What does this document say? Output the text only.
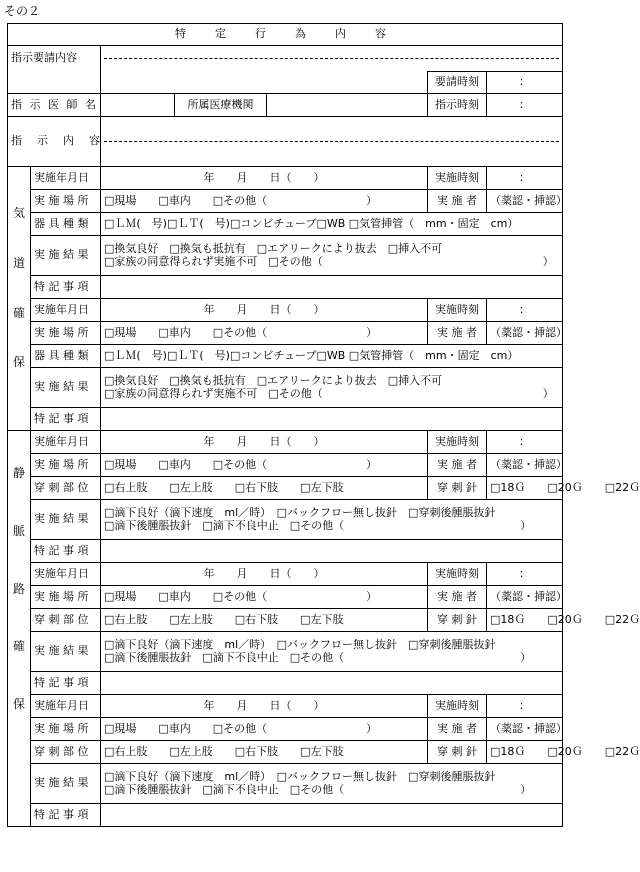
その２
特　定　行　為　内　容						
指示要請内容						
					要請時刻	：
指 示 医 師 名			所属医療機関		指示時刻	：
指　示　内　容						

気
道
確
保	実施年月日	年　　月　　日（　　）			実施時刻	：
	実 施 場 所	□現場　　□車内　　□その他（　　　　　　　　　）			実 施 者	（薬認・挿認）
	器 具 種 類	□ＬＭ(　号)□ＬＴ(　号)□コンビチューブ□WB □気管挿管（　mm・固定　cm）				
	実 施 結 果	□換気良好　□換気も抵抗有　□エアリークにより抜去　□挿入不可
□家族の同意得られず実施不可　□その他（　　　　　　　　　　　　　　　　　　　　）				

	特 記 事 項					
	実施年月日	年　　月　　日（　　）			実施時刻	：
	実 施 場 所	□現場　　□車内　　□その他（　　　　　　　　　）			実 施 者	（薬認・挿認）
	器 具 種 類	□ＬＭ(　号)□ＬＴ(　号)□コンビチューブ□WB □気管挿管（　mm・固定　cm）				
	実 施 結 果	□換気良好　□換気も抵抗有　□エアリークにより抜去　□挿入不可
□家族の同意得られず実施不可　□その他（　　　　　　　　　　　　　　　　　　　　）				

	特 記 事 項					

静
脈
路
確
保	実施年月日	年　　月　　日（　　）			実施時刻	：
	実 施 場 所	□現場　　□車内　　□その他（　　　　　　　　　）			実 施 者	（薬認・挿認）
	穿 刺 部 位	□右上肢　　□左上肢　　□右下肢　　□左下肢			穿 刺 針	□18Ｇ　　□20Ｇ　　□22Ｇ
	実 施 結 果	□滴下良好（滴下速度　ml／時）　□バックフロー無し抜針　□穿刺後腫脹抜針
□滴下後腫脹抜針　□滴下不良中止　□その他（　　　　　　　　　　　　　　　　）				

	特 記 事 項					
	実施年月日	年　　月　　日（　　）			実施時刻	：
	実 施 場 所	□現場　　□車内　　□その他（　　　　　　　　　）			実 施 者	（薬認・挿認）
	穿 刺 部 位	□右上肢　　□左上肢　　□右下肢　　□左下肢			穿 刺 針	□18Ｇ　　□20Ｇ　　□22Ｇ
	実 施 結 果	□滴下良好（滴下速度　ml／時）　□バックフロー無し抜針　□穿刺後腫脹抜針
□滴下後腫脹抜針　□滴下不良中止　□その他（　　　　　　　　　　　　　　　　）				

	特 記 事 項					
	実施年月日	年　　月　　日（　　）			実施時刻	：
	実 施 場 所	□現場　　□車内　　□その他（　　　　　　　　　）			実 施 者	（薬認・挿認）
	穿 刺 部 位	□右上肢　　□左上肢　　□右下肢　　□左下肢			穿 刺 針	□18Ｇ　　□20Ｇ　　□22Ｇ
	実 施 結 果	□滴下良好（滴下速度　ml／時）　□バックフロー無し抜針　□穿刺後腫脹抜針
□滴下後腫脹抜針　□滴下不良中止　□その他（　　　　　　　　　　　　　　　　）				

	特 記 事 項					
